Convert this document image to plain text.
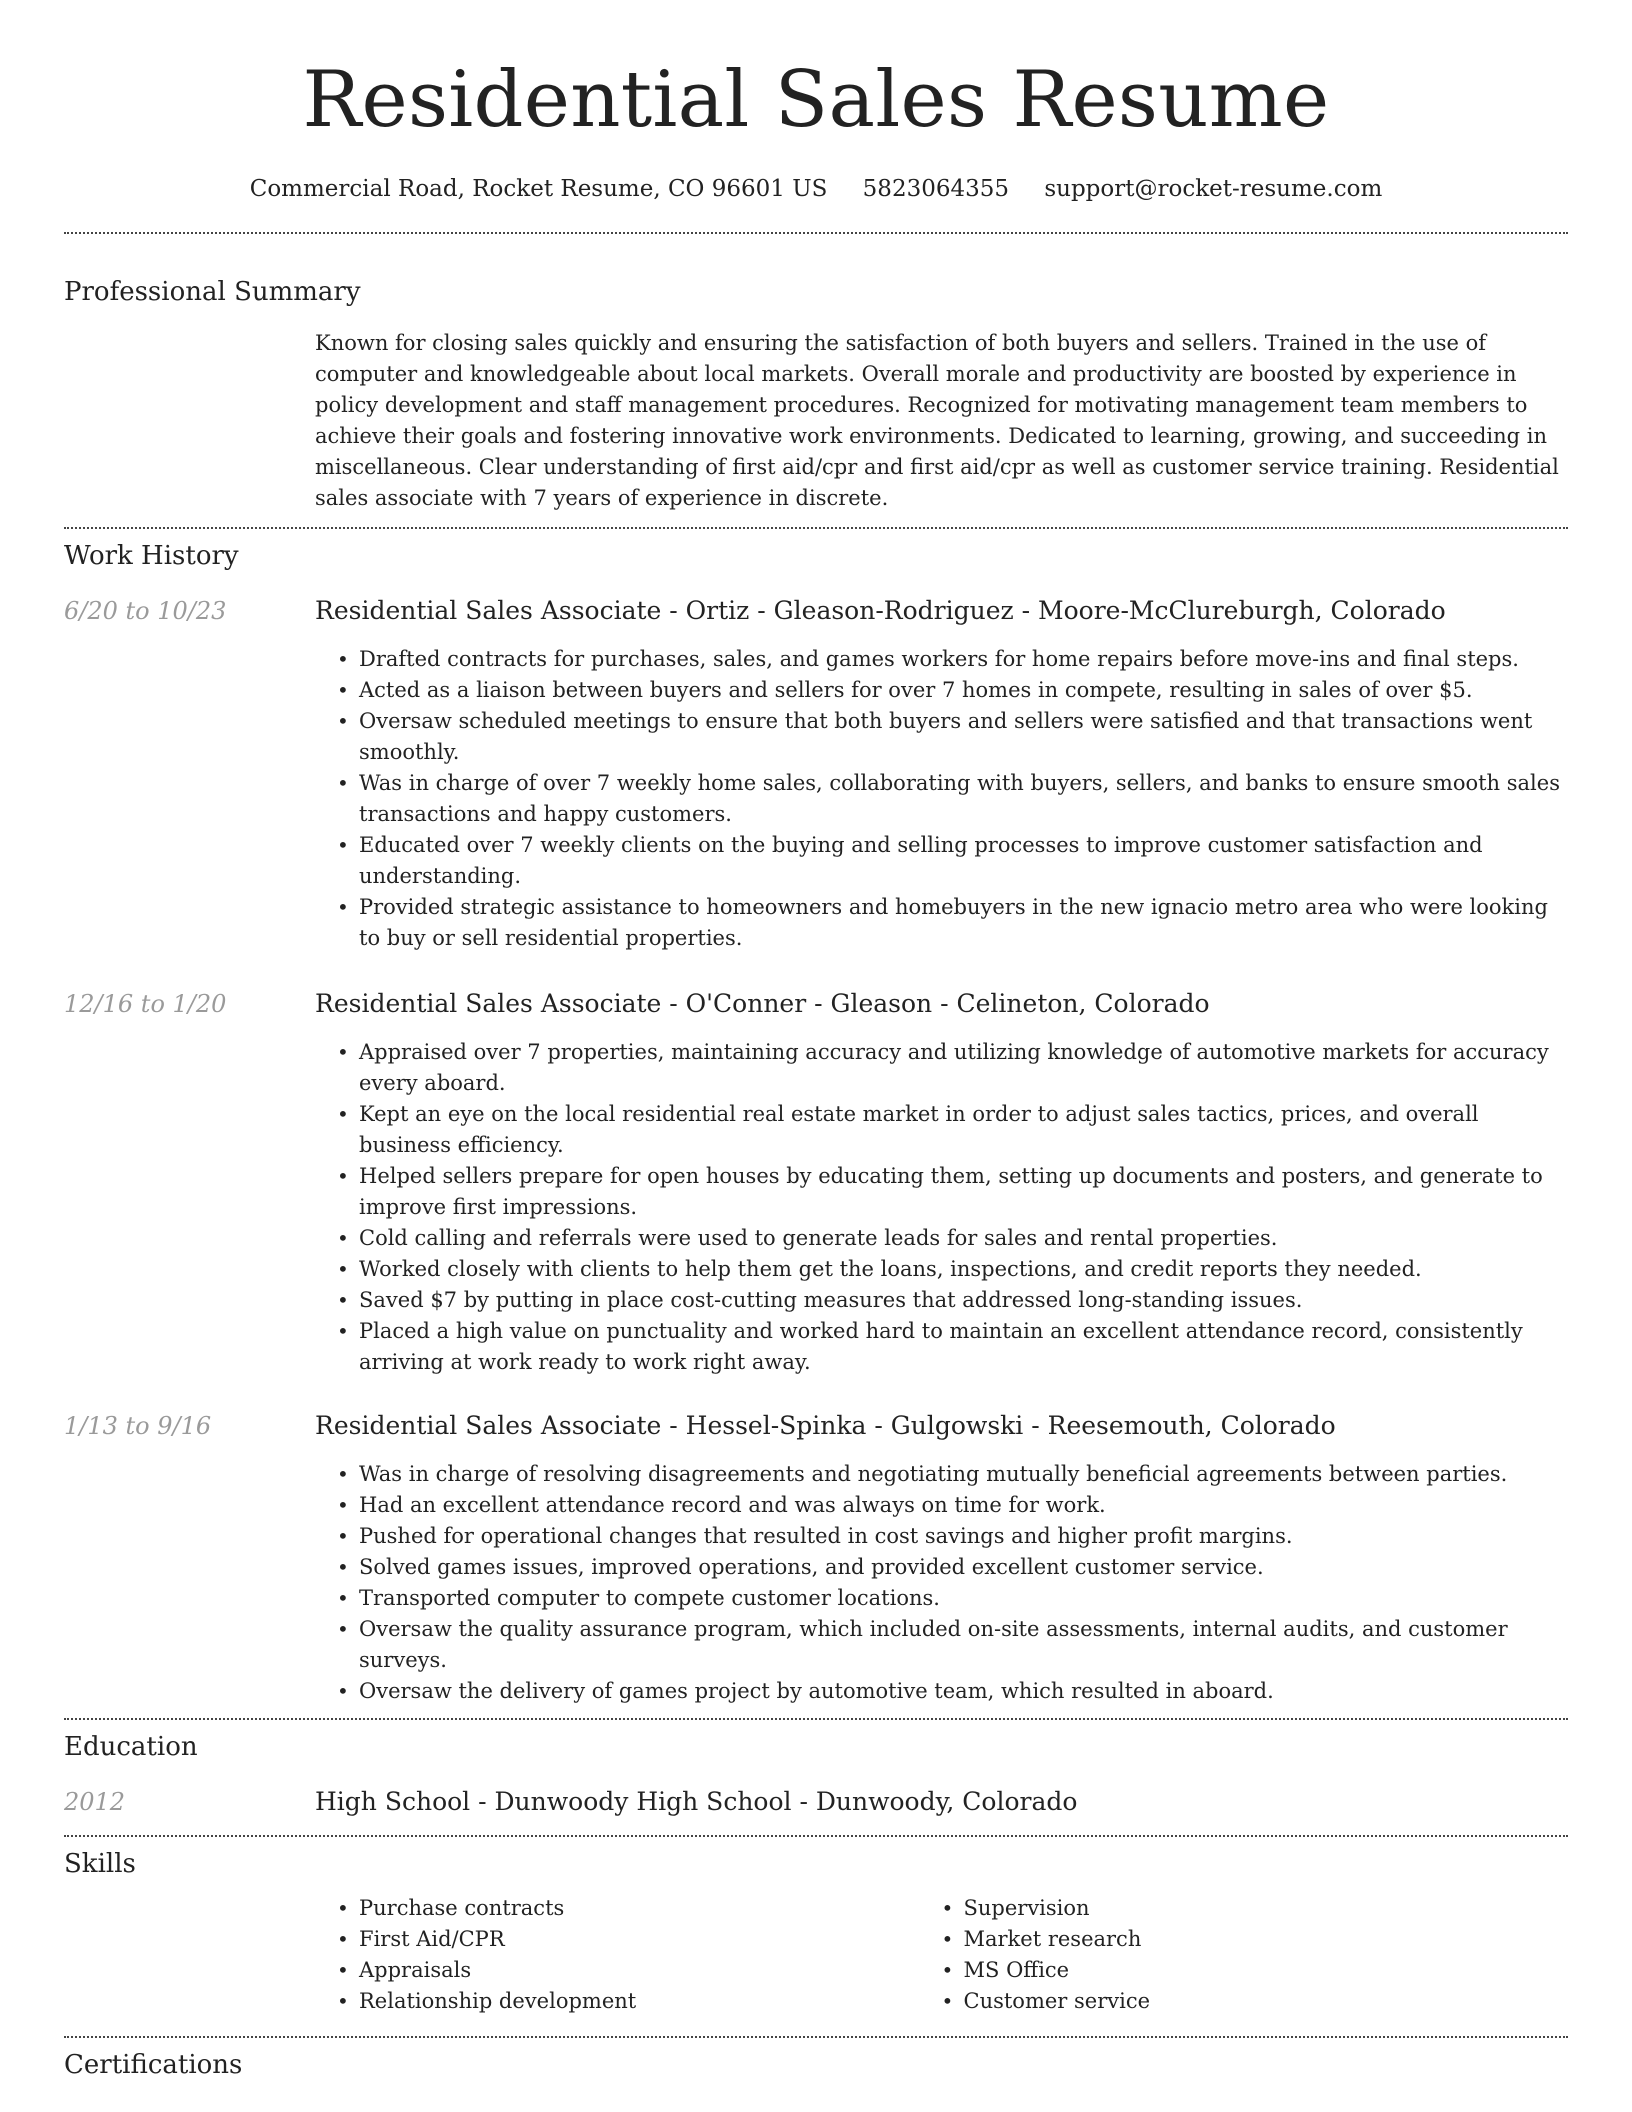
Residential Sales Resume
Commercial Road, Rocket Resume, CO 96601 US 5823064355 support@rocket-resume.com
Professional Summary
Known for closing sales quickly and ensuring the satisfaction of both buyers and sellers. Trained in the use of computer and knowledgeable about local markets. Overall morale and productivity are boosted by experience in policy development and staff management procedures. Recognized for motivating management team members to achieve their goals and fostering innovative work environments. Dedicated to learning, growing, and succeeding in miscellaneous. Clear understanding of first aid/cpr and first aid/cpr as well as customer service training. Residential sales associate with 7 years of experience in discrete.
Work History
6/20 to 10/23	Residential Sales Associate - Ortiz - Gleason-Rodriguez - Moore-McClureburgh, Colorado
• Drafted contracts for purchases, sales, and games workers for home repairs before move-ins and final steps.
• Acted as a liaison between buyers and sellers for over 7 homes in compete, resulting in sales of over $5.
• Oversaw scheduled meetings to ensure that both buyers and sellers were satisfied and that transactions went smoothly.
• Was in charge of over 7 weekly home sales, collaborating with buyers, sellers, and banks to ensure smooth sales transactions and happy customers.
• Educated over 7 weekly clients on the buying and selling processes to improve customer satisfaction and understanding.
• Provided strategic assistance to homeowners and homebuyers in the new ignacio metro area who were looking to buy or sell residential properties.
12/16 to 1/20	Residential Sales Associate - O'Conner - Gleason - Celineton, Colorado
• Appraised over 7 properties, maintaining accuracy and utilizing knowledge of automotive markets for accuracy every aboard.
• Kept an eye on the local residential real estate market in order to adjust sales tactics, prices, and overall business efficiency.
• Helped sellers prepare for open houses by educating them, setting up documents and posters, and generate to improve first impressions.
• Cold calling and referrals were used to generate leads for sales and rental properties.
• Worked closely with clients to help them get the loans, inspections, and credit reports they needed.
• Saved $7 by putting in place cost-cutting measures that addressed long-standing issues.
• Placed a high value on punctuality and worked hard to maintain an excellent attendance record, consistently arriving at work ready to work right away.
1/13 to 9/16	Residential Sales Associate - Hessel-Spinka - Gulgowski - Reesemouth, Colorado
• Was in charge of resolving disagreements and negotiating mutually beneficial agreements between parties.
• Had an excellent attendance record and was always on time for work.
• Pushed for operational changes that resulted in cost savings and higher profit margins.
• Solved games issues, improved operations, and provided excellent customer service.
• Transported computer to compete customer locations.
• Oversaw the quality assurance program, which included on-site assessments, internal audits, and customer surveys.
• Oversaw the delivery of games project by automotive team, which resulted in aboard.
Education
2012	High School - Dunwoody High School - Dunwoody, Colorado
Skills
• Purchase contracts
• First Aid/CPR
• Appraisals
• Relationship development
• Supervision
• Market research
• MS Office
• Customer service
Certifications
